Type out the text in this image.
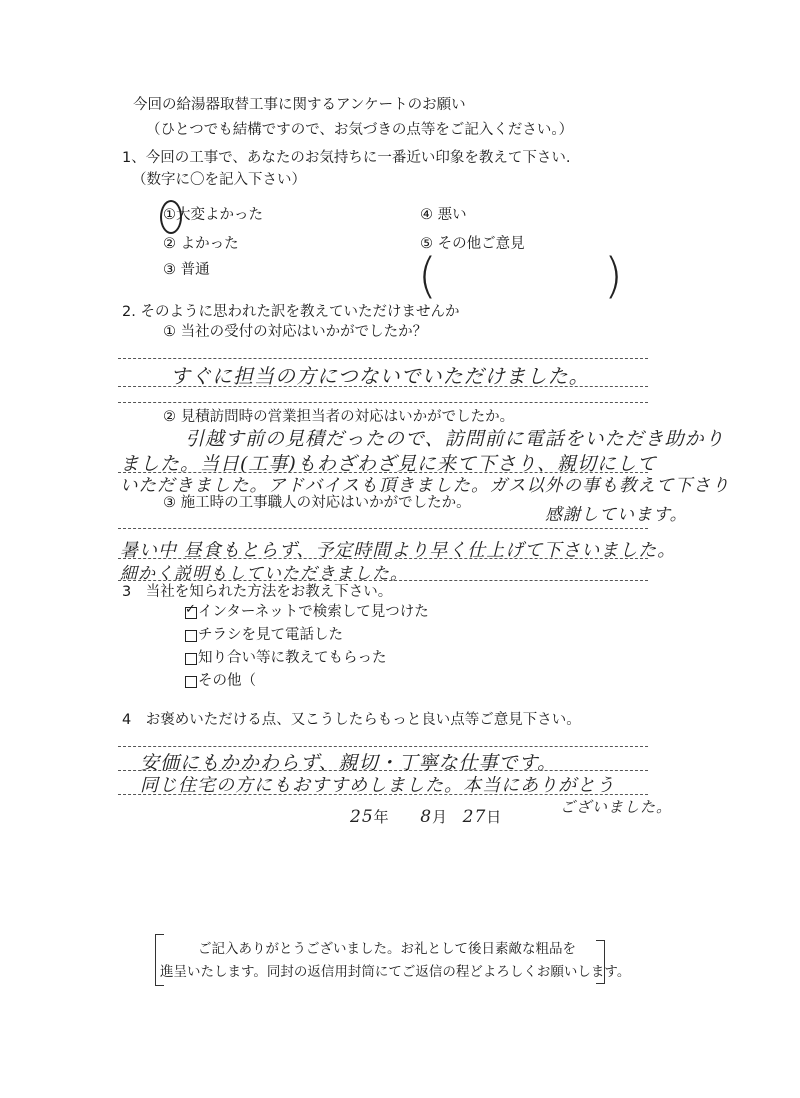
今回の給湯器取替工事に関するアンケートのお願い
（ひとつでも結構ですので、お気づきの点等をご記入ください。）
1、今回の工事で、あなたのお気持ちに一番近い印象を教えて下さい.
（数字に〇を記入下さい）
①大変よかった
② よかった
③ 普通
④ 悪い
⑤ その他ご意見
(	)
2. そのように思われた訳を教えていただけませんか
① 当社の受付の対応はいかがでしたか？
すぐに担当の方につないでいただけました。
② 見積訪問時の営業担当者の対応はいかがでしたか。
引越す前の見積だったので、訪問前に電話をいただき助かり
ました。当日(工事)もわざわざ見に来て下さり、親切にして
いただきました。アドバイスも頂きました。ガス以外の事も教えて下さり
感謝しています。
③ 施工時の工事職人の対応はいかがでしたか。
暑い中 昼食もとらず、予定時間より早く仕上げて下さいました。
細かく説明もしていただきました。
3　当社を知られた方法をお教え下さい。
✓ インターネットで検索して見つけた
チラシを見て電話した
知り合い等に教えてもらった
その他（
4　お褒めいただける点、又こうしたらもっと良い点等ご意見下さい。
安価にもかかわらず、親切・丁寧な仕事です。
同じ住宅の方にもおすすめしました。本当にありがとう
ございました。
25年 8月 27日
ご記入ありがとうございました。お礼として後日素敵な粗品を
進呈いたします。同封の返信用封筒にてご返信の程どよろしくお願いします。
